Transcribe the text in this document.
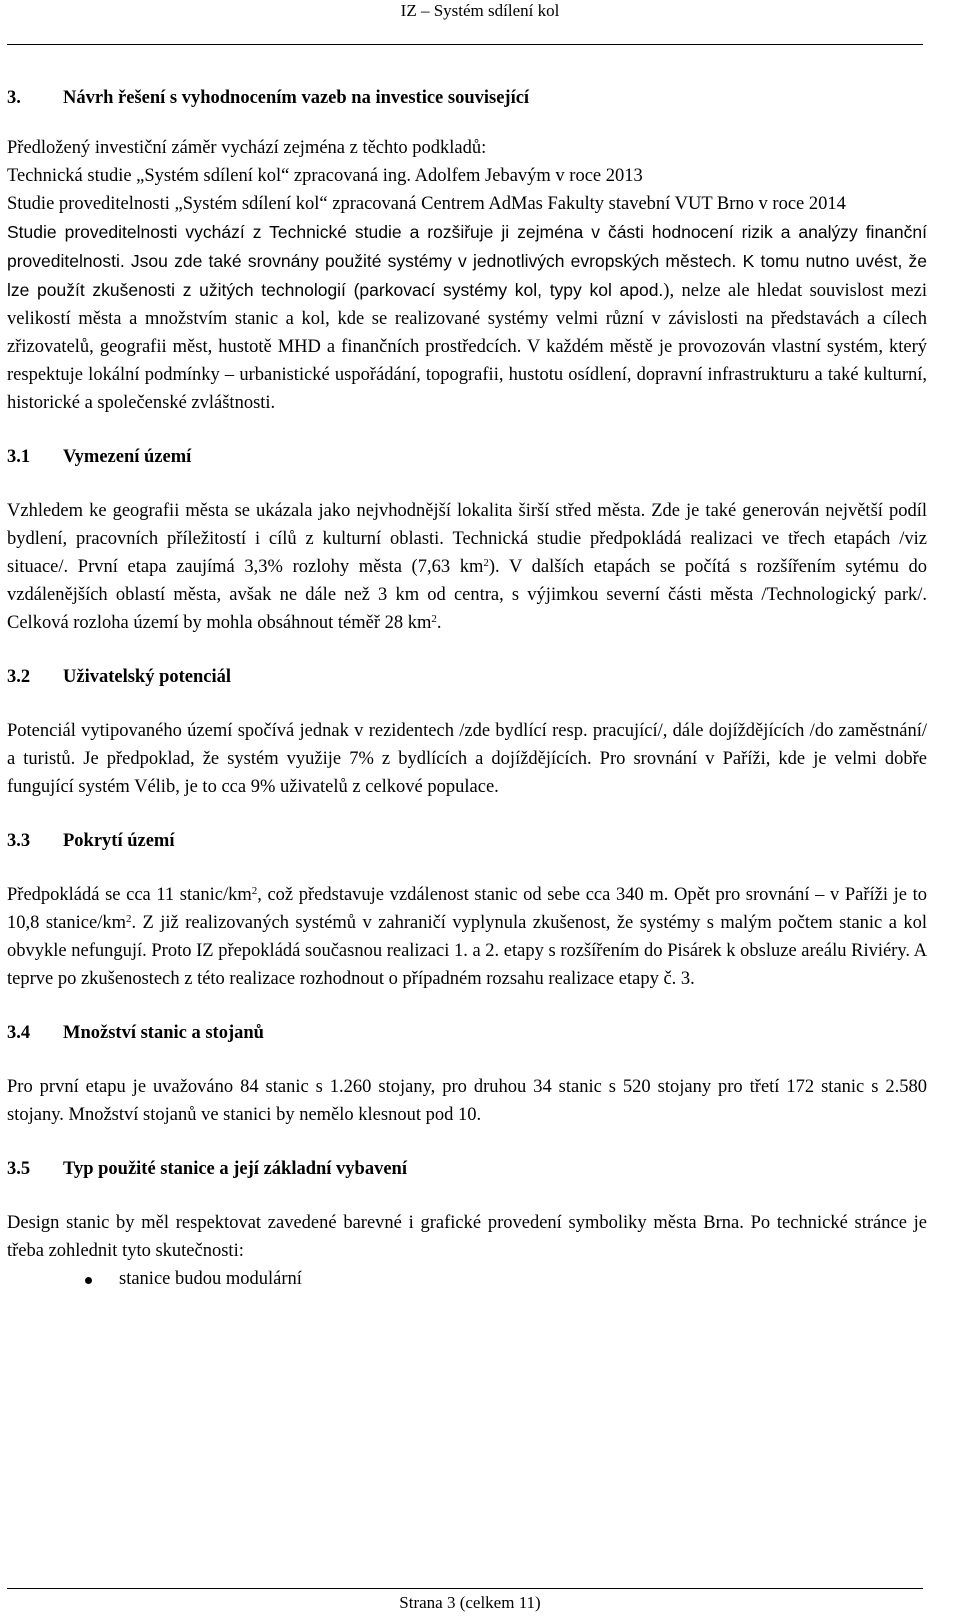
IZ – Systém sdílení kol
3. Návrh řešení s vyhodnocením vazeb na investice související

Předložený investiční záměr vychází zejména z těchto podkladů:
Technická studie „Systém sdílení kol“ zpracovaná ing. Adolfem Jebavým v roce 2013
Studie proveditelnosti „Systém sdílení kol“ zpracovaná Centrem AdMas Fakulty stavební VUT Brno v roce 2014

Studie proveditelnosti vychází z Technické studie a rozšiřuje ji zejména v části hodnocení rizik a analýzy finanční proveditelnosti. Jsou zde také srovnány použité systémy v jednotlivých evropských městech. K tomu nutno uvést, že lze použít zkušenosti z užitých technologií (parkovací systémy kol, typy kol apod.), nelze ale hledat souvislost mezi velikostí města a množstvím stanic a kol, kde se realizované systémy velmi různí v závislosti na představách a cílech zřizovatelů, geografii měst, hustotě MHD a finančních prostředcích. V každém městě je provozován vlastní systém, který respektuje lokální podmínky – urbanistické uspořádání, topografii, hustotu osídlení, dopravní infrastrukturu a také kulturní, historické a společenské zvláštnosti.

3.1 Vymezení území

Vzhledem ke geografii města se ukázala jako nejvhodnější lokalita širší střed města. Zde je také generován největší podíl bydlení, pracovních příležitostí i cílů z kulturní oblasti. Technická studie předpokládá realizaci ve třech etapách /viz situace/. První etapa zaujímá 3,3% rozlohy města (7,63 $km^2$). V dalších etapách se počítá s rozšířením sytému do vzdálenějších oblastí města, avšak ne dále než 3 km od centra, s výjimkou severní části města /Technologický park/. Celková rozloha území by mohla obsáhnout téměř 28 $km^2$.

3.2 Uživatelský potenciál

Potenciál vytipovaného území spočívá jednak v rezidentech /zde bydlící resp. pracující/, dále dojíždějících /do zaměstnání/ a turistů. Je předpoklad, že systém využije 7% z bydlících a dojíždějících. Pro srovnání v Paříži, kde je velmi dobře fungující systém Vélib, je to cca 9% uživatelů z celkové populace.

3.3 Pokrytí území

Předpokládá se cca 11 stanic/$km^2$, což představuje vzdálenost stanic od sebe cca 340 m. Opět pro srovnání – v Paříži je to 10,8 stanice/$km^2$. Z již realizovaných systémů v zahraničí vyplynula zkušenost, že systémy s malým počtem stanic a kol obvykle nefungují. Proto IZ přepokládá současnou realizaci 1. a 2. etapy s rozšířením do Pisárek k obsluze areálu Riviéry. A teprve po zkušenostech z této realizace rozhodnout o případném rozsahu realizace etapy č. 3.

3.4 Množství stanic a stojanů

Pro první etapu je uvažováno 84 stanic s 1.260 stojany, pro druhou 34 stanic s 520 stojany pro třetí 172 stanic s 2.580 stojany. Množství stojanů ve stanici by nemělo klesnout pod 10.

3.5 Typ použité stanice a její základní vybavení

Design stanic by měl respektovat zavedené barevné i grafické provedení symboliky města Brna. Po technické stránce je třeba zohlednit tyto skutečnosti:

stanice budou modulární
Strana 3 (celkem 11)
